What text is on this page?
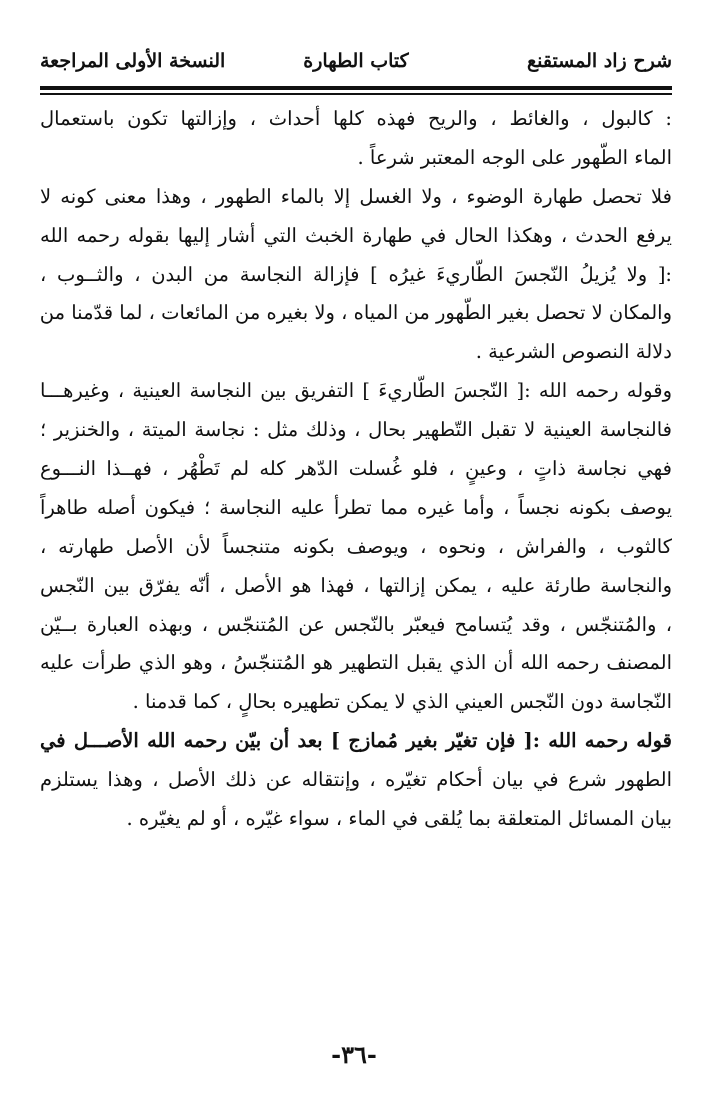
شرح زاد المستقنع
كتاب الطهارة
النسخة الأولى المراجعة
: كالبول ، والغائط ، والريح فهذه كلها أحداث ، وإزالتها تكون باستعمال
الماء الطّهور على الوجه المعتبر شرعاً .
فلا تحصل طهارة الوضوء ، ولا الغسل إلا بالماء الطهور ، وهذا معنى كونه لا
يرفع الحدث ، وهكذا الحال في طهارة الخبث التي أشار إليها بقوله رحمه الله
:[ ولا يُزيلُ النّجسَ الطّاريءَ غيرُه ] فإزالة النجاسة من البدن ، والثــوب ،
والمكان لا تحصل بغير الطّهور من المياه ، ولا بغيره من المائعات ، لما قدّمنا من
دلالة النصوص الشرعية .
وقوله رحمه الله :[ النّجسَ الطّاريءَ ] التفريق بين النجاسة العينية ، وغيرهـــا
فالنجاسة العينية لا تقبل التّطهير بحال ، وذلك مثل : نجاسة الميتة ، والخنزير ؛
فهي نجاسة ذاتٍ ، وعينٍ ، فلو غُسلت الدّهر كله لم تَطْهُر ، فهــذا النـــوع
يوصف بكونه نجساً ، وأما غيره مما تطرأ عليه النجاسة ؛ فيكون أصله طاهراً
كالثوب ، والفراش ، ونحوه ، ويوصف بكونه متنجساً لأن الأصل طهارته ،
والنجاسة طارئة عليه ، يمكن إزالتها ، فهذا هو الأصل ، أنّه يفرّق بين النّجس
، والمُتنجّس ، وقد يُتسامح فيعبّر بالنّجس عن المُتنجّس ، وبهذه العبارة بــيّن
المصنف رحمه الله أن الذي يقبل التطهير هو المُتنجّسُ ، وهو الذي طرأت عليه
النّجاسة دون النّجس العيني الذي لا يمكن تطهيره بحالٍ ، كما قدمنا .
قوله رحمه الله :[ فإن تغيّر بغير مُمازج ] بعد أن بيّن رحمه الله الأصـــل في
الطهور شرع في بيان أحكام تغيّره ، وإنتقاله عن ذلك الأصل ، وهذا يستلزم
بيان المسائل المتعلقة بما يُلقى في الماء ، سواء غيّره ، أو لم يغيّره .
-٣٦-
